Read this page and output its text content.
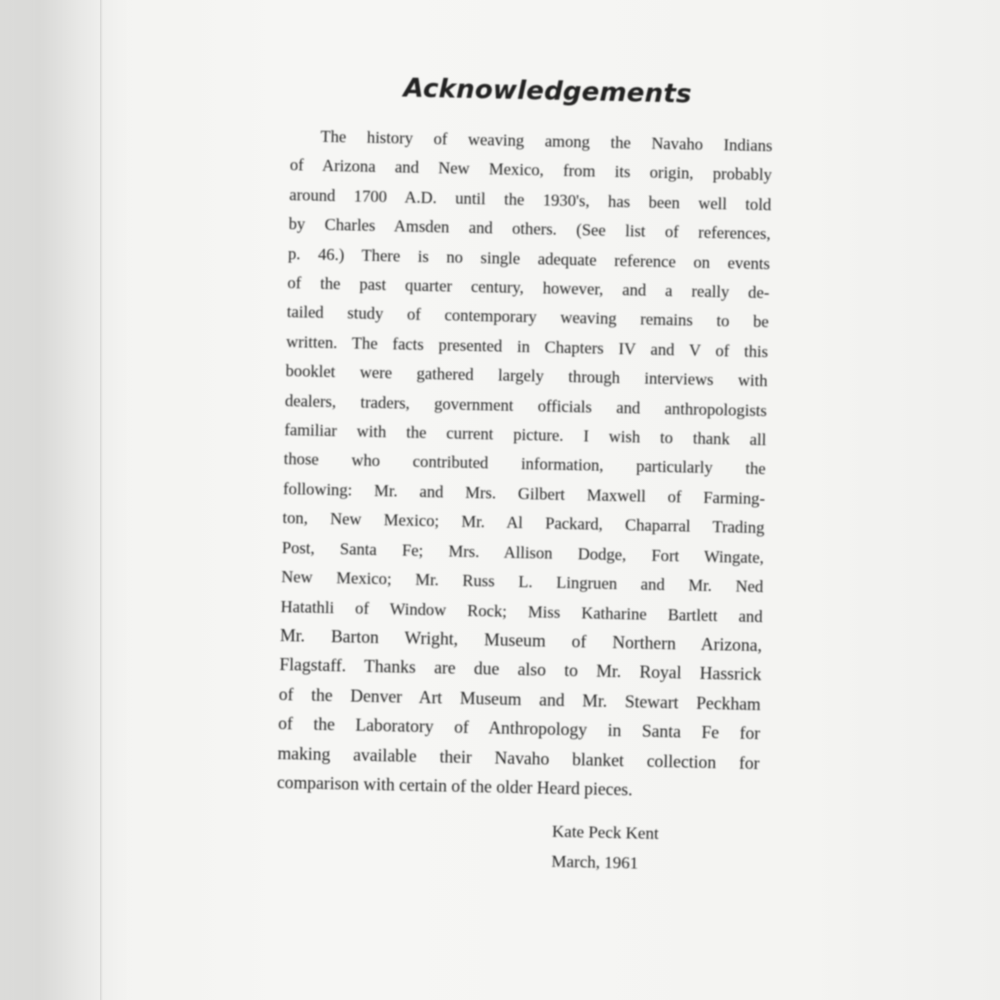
Acknowledgements

The history of weaving among the Navaho Indians
of Arizona and New Mexico, from its origin, probably
around 1700 A.D. until the 1930's, has been well told
by Charles Amsden and others. (See list of references,
p. 46.) There is no single adequate reference on events
of the past quarter century, however, and a really de-
tailed study of contemporary weaving remains to be
written. The facts presented in Chapters IV and V of this
booklet were gathered largely through interviews with
dealers, traders, government officials and anthropologists
familiar with the current picture. I wish to thank all
those who contributed information, particularly the
following: Mr. and Mrs. Gilbert Maxwell of Farming-
ton, New Mexico; Mr. Al Packard, Chaparral Trading
Post, Santa Fe; Mrs. Allison Dodge, Fort Wingate,
New Mexico; Mr. Russ L. Lingruen and Mr. Ned
Hatathli of Window Rock; Miss Katharine Bartlett and
Mr. Barton Wright, Museum of Northern Arizona,
Flagstaff. Thanks are due also to Mr. Royal Hassrick
of the Denver Art Museum and Mr. Stewart Peckham
of the Laboratory of Anthropology in Santa Fe for
making available their Navaho blanket collection for
comparison with certain of the older Heard pieces.

Kate Peck Kent
March, 1961
